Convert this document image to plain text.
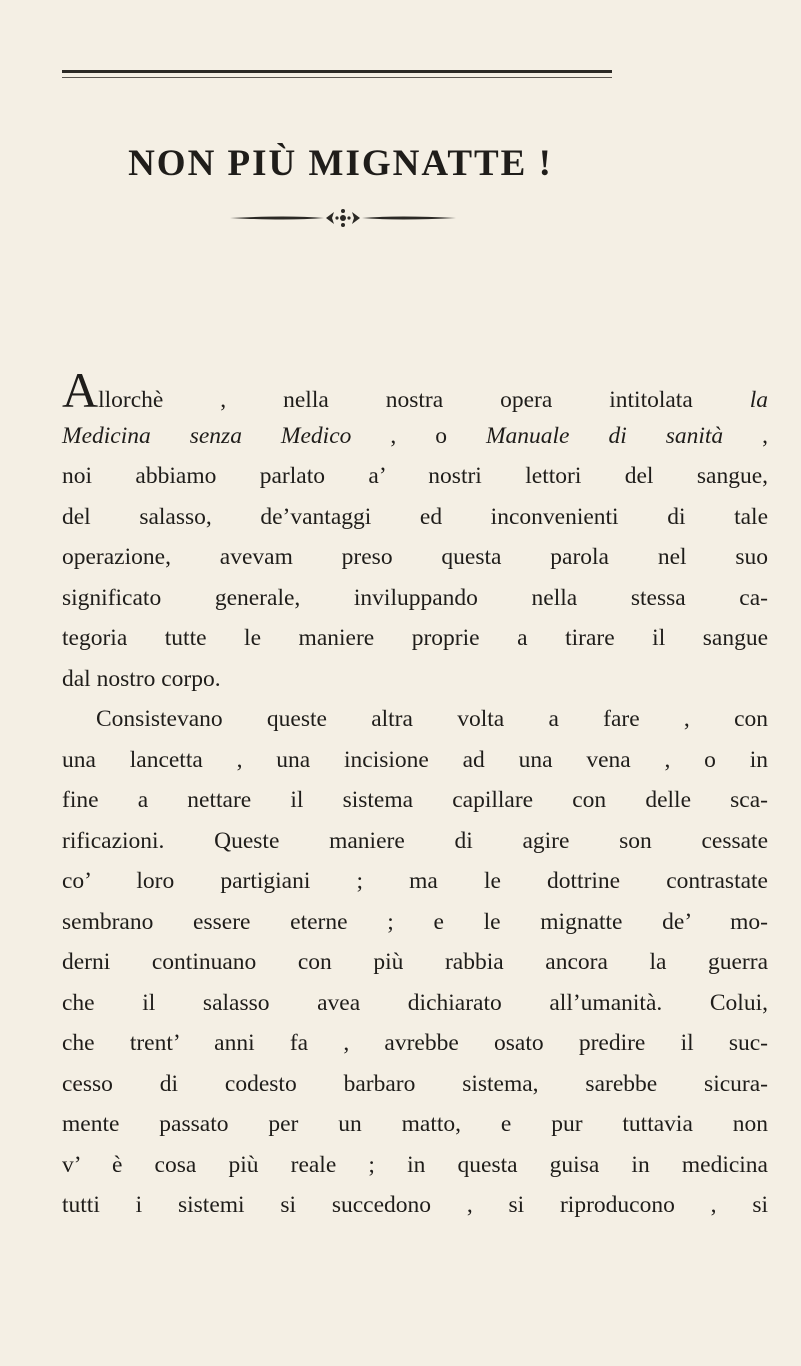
NON PIÙ MIGNATTE !
Allorchè , nella nostra opera intitolata la
Medicina senza Medico , o Manuale di sanità ,
noi abbiamo parlato a’ nostri lettori del sangue,
del salasso, de’vantaggi ed inconvenienti di tale
operazione, avevam preso questa parola nel suo
significato generale, inviluppando nella stessa ca-
tegoria tutte le maniere proprie a tirare il sangue
dal nostro corpo.
Consistevano queste altra volta a fare , con
una lancetta , una incisione ad una vena , o in
fine a nettare il sistema capillare con delle sca-
rificazioni. Queste maniere di agire son cessate
co’ loro partigiani ; ma le dottrine contrastate
sembrano essere eterne ; e le mignatte de’ mo-
derni continuano con più rabbia ancora la guerra
che il salasso avea dichiarato all’umanità. Colui,
che trent’ anni fa , avrebbe osato predire il suc-
cesso di codesto barbaro sistema, sarebbe sicura-
mente passato per un matto, e pur tuttavia non
v’ è cosa più reale ; in questa guisa in medicina
tutti i sistemi si succedono , si riproducono , si
